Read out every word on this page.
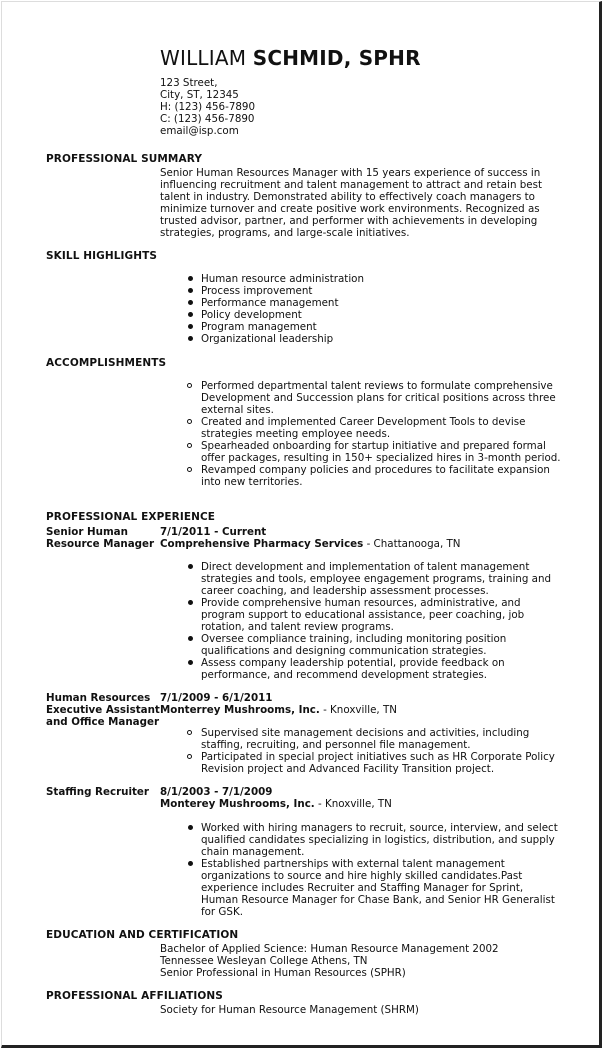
WILLIAM SCHMID, SPHR
123 Street,
City, ST, 12345
H: (123) 456-7890
C: (123) 456-7890
email@isp.com
PROFESSIONAL SUMMARY
Senior Human Resources Manager with 15 years experience of success in influencing recruitment and talent management to attract and retain best talent in industry. Demonstrated ability to effectively coach managers to minimize turnover and create positive work environments. Recognized as trusted advisor, partner, and performer with achievements in developing strategies, programs, and large-scale initiatives.
SKILL HIGHLIGHTS
Human resource administration
Process improvement
Performance management
Policy development
Program management
Organizational leadership
ACCOMPLISHMENTS
Performed departmental talent reviews to formulate comprehensive Development and Succession plans for critical positions across three external sites.
Created and implemented Career Development Tools to devise strategies meeting employee needs.
Spearheaded onboarding for startup initiative and prepared formal offer packages, resulting in 150+ specialized hires in 3-month period.
Revamped company policies and procedures to facilitate expansion into new territories.
PROFESSIONAL EXPERIENCE
Senior Human Resource Manager
7/1/2011 - Current
Comprehensive Pharmacy Services - Chattanooga, TN
Direct development and implementation of talent management strategies and tools, employee engagement programs, training and career coaching, and leadership assessment processes.
Provide comprehensive human resources, administrative, and program support to educational assistance, peer coaching, job rotation, and talent review programs.
Oversee compliance training, including monitoring position qualifications and designing communication strategies.
Assess company leadership potential, provide feedback on performance, and recommend development strategies.
Human Resources Executive Assistant and Office Manager
7/1/2009 - 6/1/2011
Monterrey Mushrooms, Inc. - Knoxville, TN
Supervised site management decisions and activities, including staffing, recruiting, and personnel file management.
Participated in special project initiatives such as HR Corporate Policy Revision project and Advanced Facility Transition project.
Staffing Recruiter	8/1/2003 - 7/1/2009
Monterey Mushrooms, Inc. - Knoxville, TN
Worked with hiring managers to recruit, source, interview, and select qualified candidates specializing in logistics, distribution, and supply chain management.
Established partnerships with external talent management organizations to source and hire highly skilled candidates.Past experience includes Recruiter and Staffing Manager for Sprint, Human Resource Manager for Chase Bank, and Senior HR Generalist for GSK.
EDUCATION AND CERTIFICATION
Bachelor of Applied Science: Human Resource Management 2002
Tennessee Wesleyan College Athens, TN
Senior Professional in Human Resources (SPHR)
PROFESSIONAL AFFILIATIONS
Society for Human Resource Management (SHRM)
